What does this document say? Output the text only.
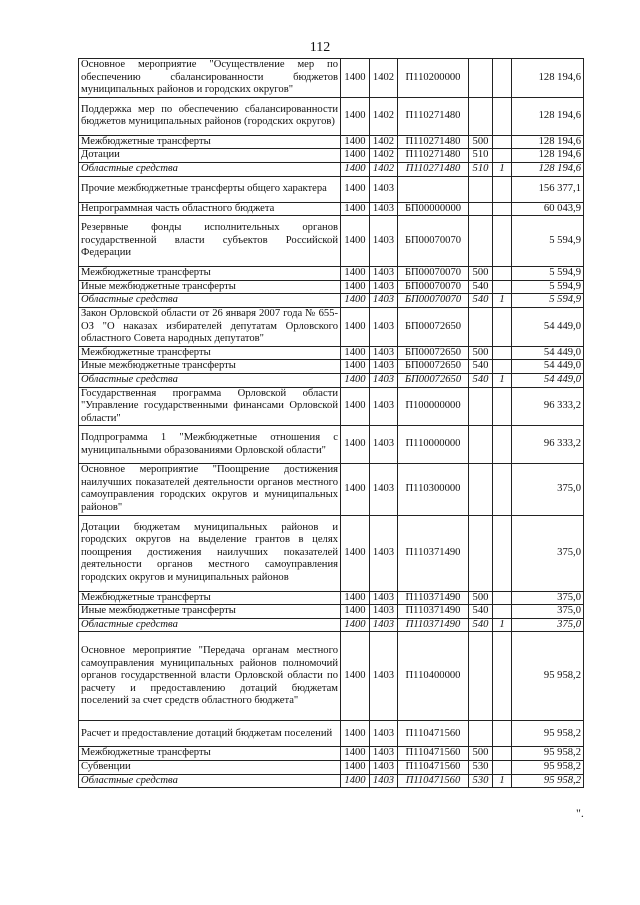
112
Основное мероприятие "Осуществление мер по обеспечению сбалансированности бюджетов муниципальных районов и городских округов"	1400	1402	П110200000			128 194,6
Поддержка мер по обеспечению сбалансированности бюджетов муниципальных районов (городских округов)	1400	1402	П110271480			128 194,6
Межбюджетные трансферты	1400	1402	П110271480	500		128 194,6
Дотации	1400	1402	П110271480	510		128 194,6
Областные средства	1400	1402	П110271480	510	1	128 194,6
Прочие межбюджетные трансферты общего характера	1400	1403				156 377,1
Непрограммная часть областного бюджета	1400	1403	БП00000000			60 043,9
Резервные фонды исполнительных органов государственной власти субъектов Российской Федерации	1400	1403	БП00070070			5 594,9
Межбюджетные трансферты	1400	1403	БП00070070	500		5 594,9
Иные межбюджетные трансферты	1400	1403	БП00070070	540		5 594,9
Областные средства	1400	1403	БП00070070	540	1	5 594,9
Закон Орловской области от 26 января 2007 года № 655-ОЗ "О наказах избирателей депутатам Орловского областного Совета народных депутатов"	1400	1403	БП00072650			54 449,0
Межбюджетные трансферты	1400	1403	БП00072650	500		54 449,0
Иные межбюджетные трансферты	1400	1403	БП00072650	540		54 449,0
Областные средства	1400	1403	БП00072650	540	1	54 449,0
Государственная программа Орловской области "Управление государственными финансами Орловской области"	1400	1403	П100000000			96 333,2
Подпрограмма 1 "Межбюджетные отношения с муниципальными образованиями Орловской области"	1400	1403	П110000000			96 333,2
Основное мероприятие "Поощрение достижения наилучших показателей деятельности органов местного самоуправления городских округов и муниципальных районов"	1400	1403	П110300000			375,0
Дотации бюджетам муниципальных районов и городских округов на выделение грантов в целях поощрения достижения наилучших показателей деятельности органов местного самоуправления городских округов и муниципальных районов	1400	1403	П110371490			375,0
Межбюджетные трансферты	1400	1403	П110371490	500		375,0
Иные межбюджетные трансферты	1400	1403	П110371490	540		375,0
Областные средства	1400	1403	П110371490	540	1	375,0
Основное мероприятие "Передача органам местного самоуправления муниципальных районов полномочий органов государственной власти Орловской области по расчету и предоставлению дотаций бюджетам поселений за счет средств областного бюджета"	1400	1403	П110400000			95 958,2
Расчет и предоставление дотаций бюджетам поселений	1400	1403	П110471560			95 958,2
Межбюджетные трансферты	1400	1403	П110471560	500		95 958,2
Субвенции	1400	1403	П110471560	530		95 958,2
Областные средства	1400	1403	П110471560	530	1	95 958,2
".
